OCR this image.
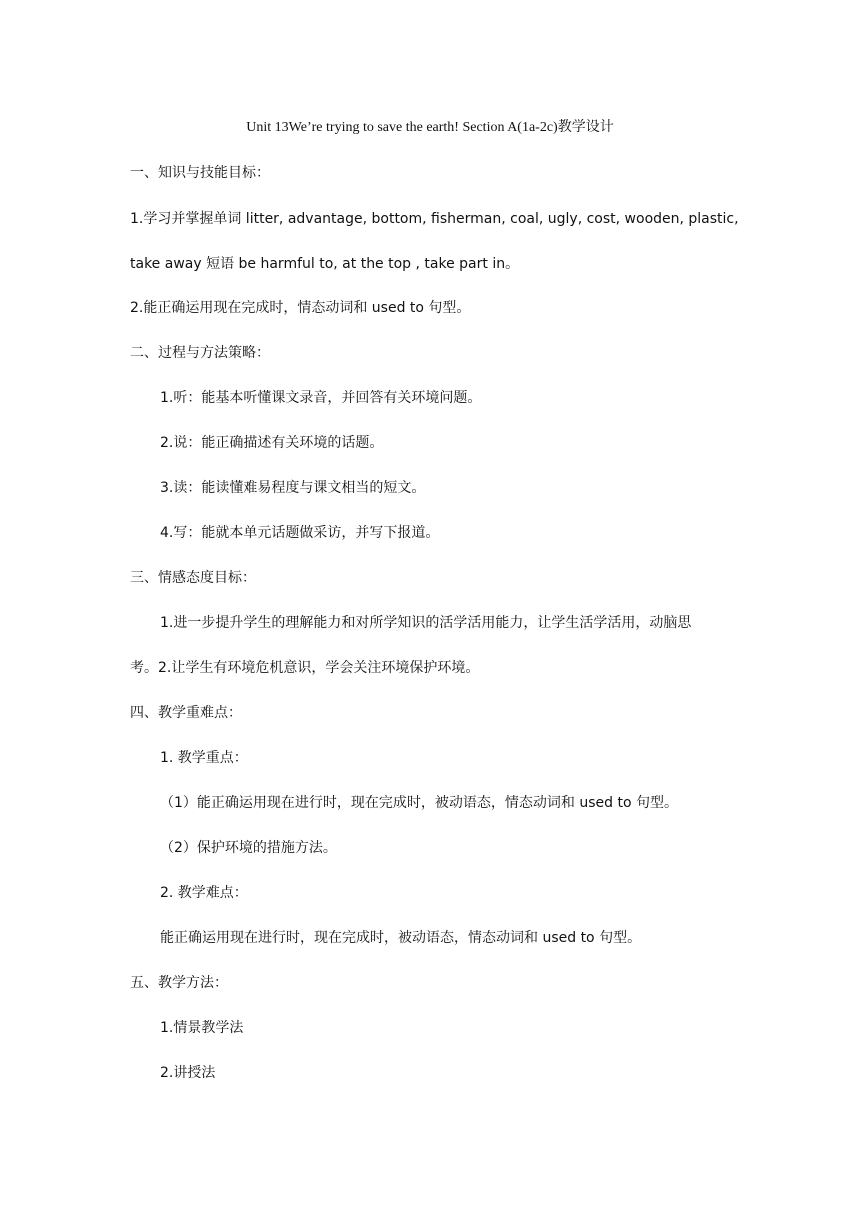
Unit 13We’re trying to save the earth! Section A(1a-2c)教学设计
一、知识与技能目标：
1.学习并掌握单词 litter, advantage, bottom, fisherman, coal, ugly, cost, wooden, plastic,
take away 短语 be harmful to, at the top , take part in。
2.能正确运用现在完成时，情态动词和 used to 句型。
二、过程与方法策略：
1.听：能基本听懂课文录音，并回答有关环境问题。
2.说：能正确描述有关环境的话题。
3.读：能读懂难易程度与课文相当的短文。
4.写：能就本单元话题做采访，并写下报道。
三、情感态度目标：
1.进一步提升学生的理解能力和对所学知识的活学活用能力，让学生活学活用，动脑思
考。2.让学生有环境危机意识，学会关注环境保护环境。
四、教学重难点：
1. 教学重点：
（1）能正确运用现在进行时，现在完成时，被动语态，情态动词和 used to 句型。
（2）保护环境的措施方法。
2. 教学难点：
能正确运用现在进行时，现在完成时，被动语态，情态动词和 used to 句型。
五、教学方法：
1.情景教学法
2.讲授法
